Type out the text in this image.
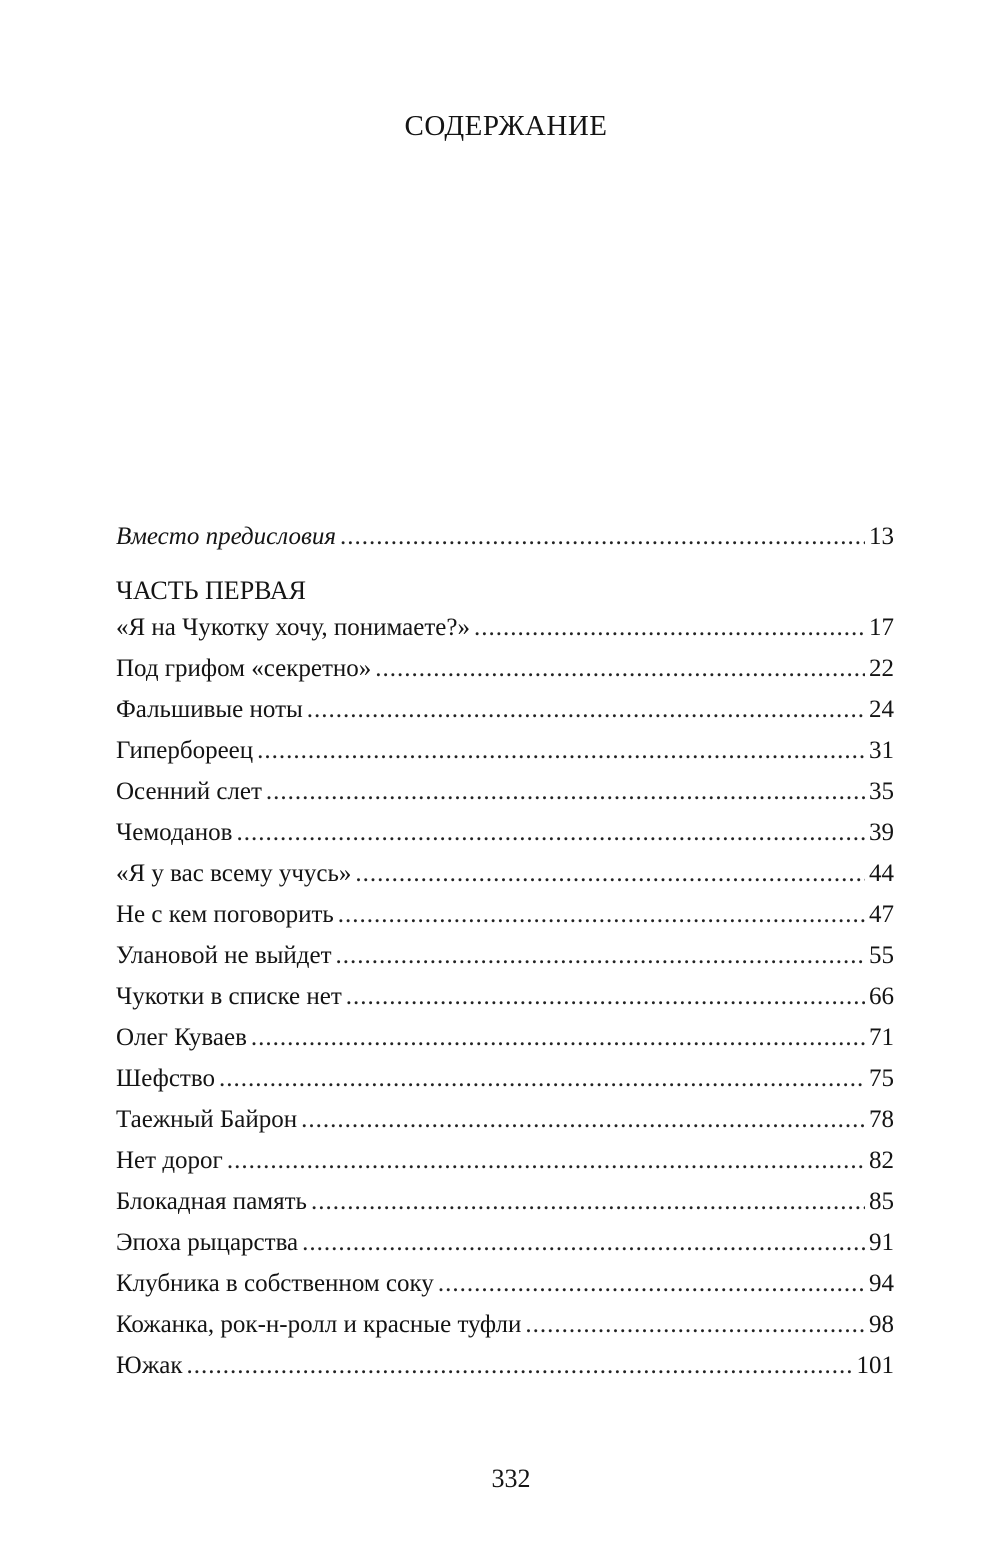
СОДЕРЖАНИЕ
Вместо предисловия .....	13
ЧАСТЬ ПЕРВАЯ
«Я на Чукотку хочу, понимаете?» .....	17
Под грифом «секретно» .....	22
Фальшивые ноты .....	24
Гиперборeeц .....	31
Осенний слет .....	35
Чемоданов .....	39
«Я у вас всему учусь» .....	44
Не с кем поговорить .....	47
Улановой не выйдет .....	55
Чукотки в списке нет .....	66
Олег Куваев .....	71
Шефство .....	75
Таежный Байрон .....	78
Нет дорог .....	82
Блокадная память .....	85
Эпоха рыцарства .....	91
Клубника в собственном соку .....	94
Кожанка, рок-н-ролл и красные туфли .....	98
Южак .....	101
332
